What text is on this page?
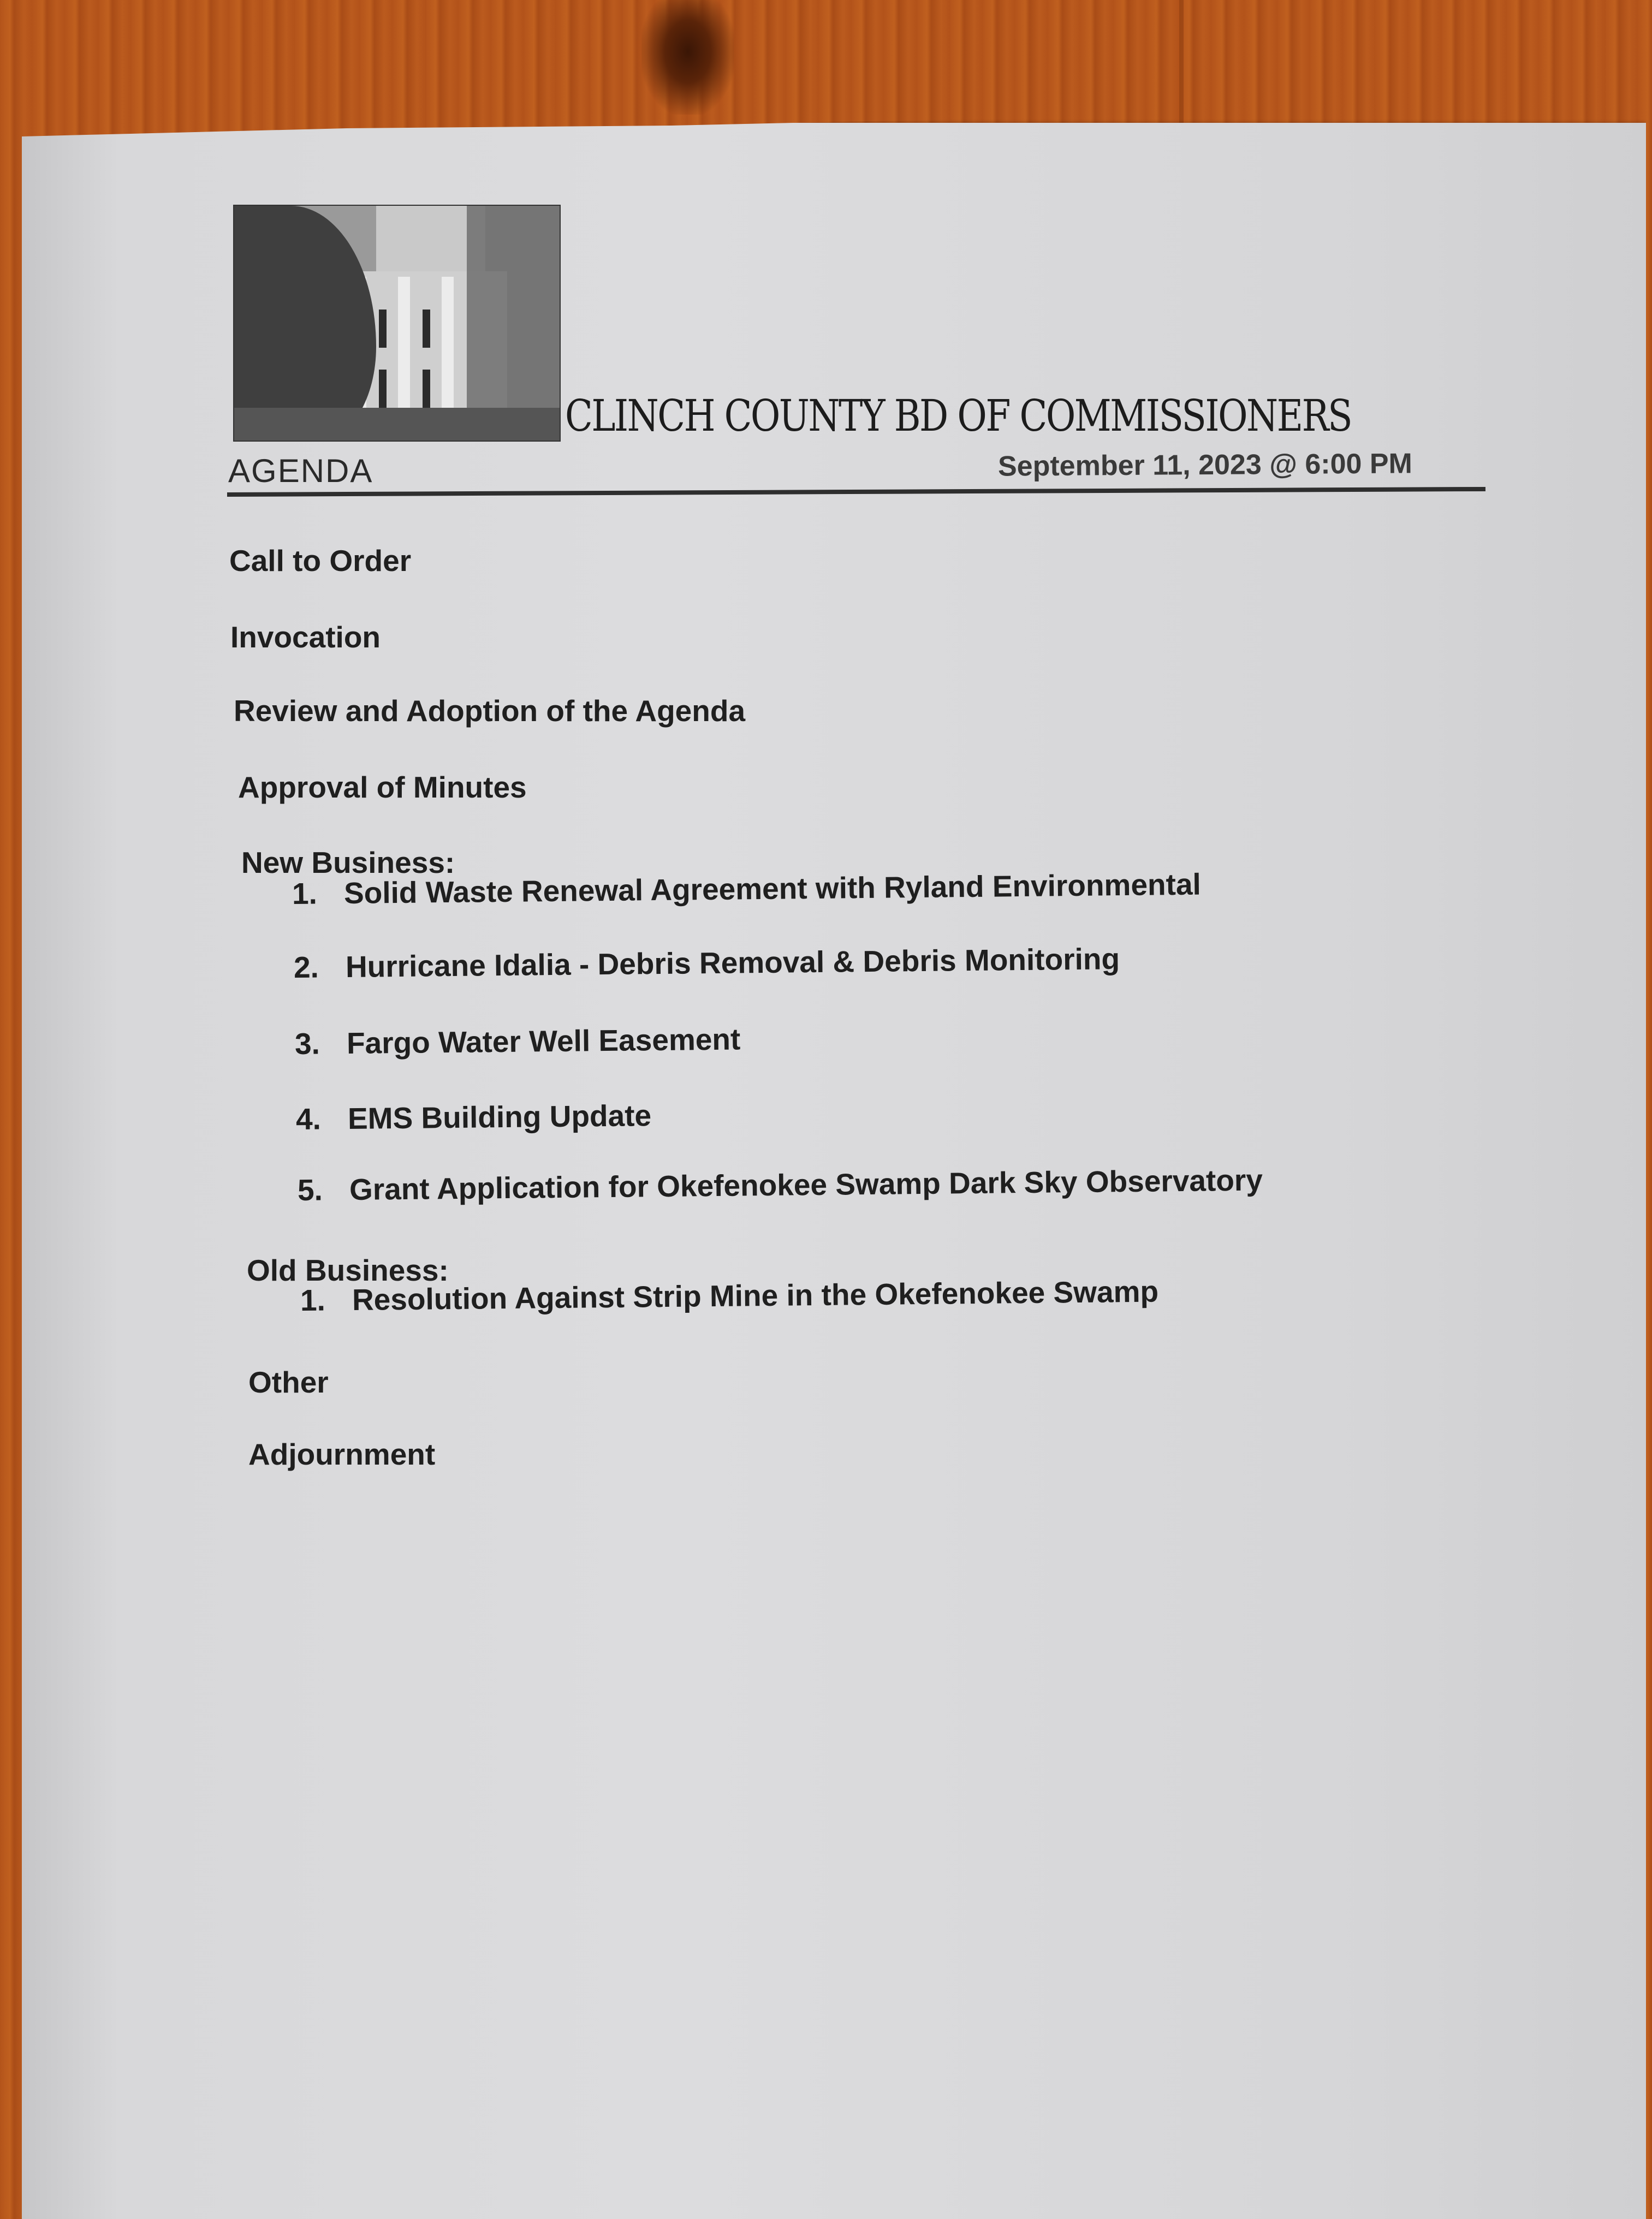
CLINCH COUNTY BD OF COMMISSIONERS
AGENDA	September 11, 2023 @ 6:00 PM
Call to Order
Invocation
Review and Adoption of the Agenda
Approval of Minutes
New Business:
1. Solid Waste Renewal Agreement with Ryland Environmental
2. Hurricane Idalia - Debris Removal & Debris Monitoring
3. Fargo Water Well Easement
4. EMS Building Update
5. Grant Application for Okefenokee Swamp Dark Sky Observatory
Old Business:
1. Resolution Against Strip Mine in the Okefenokee Swamp
Other
Adjournment
